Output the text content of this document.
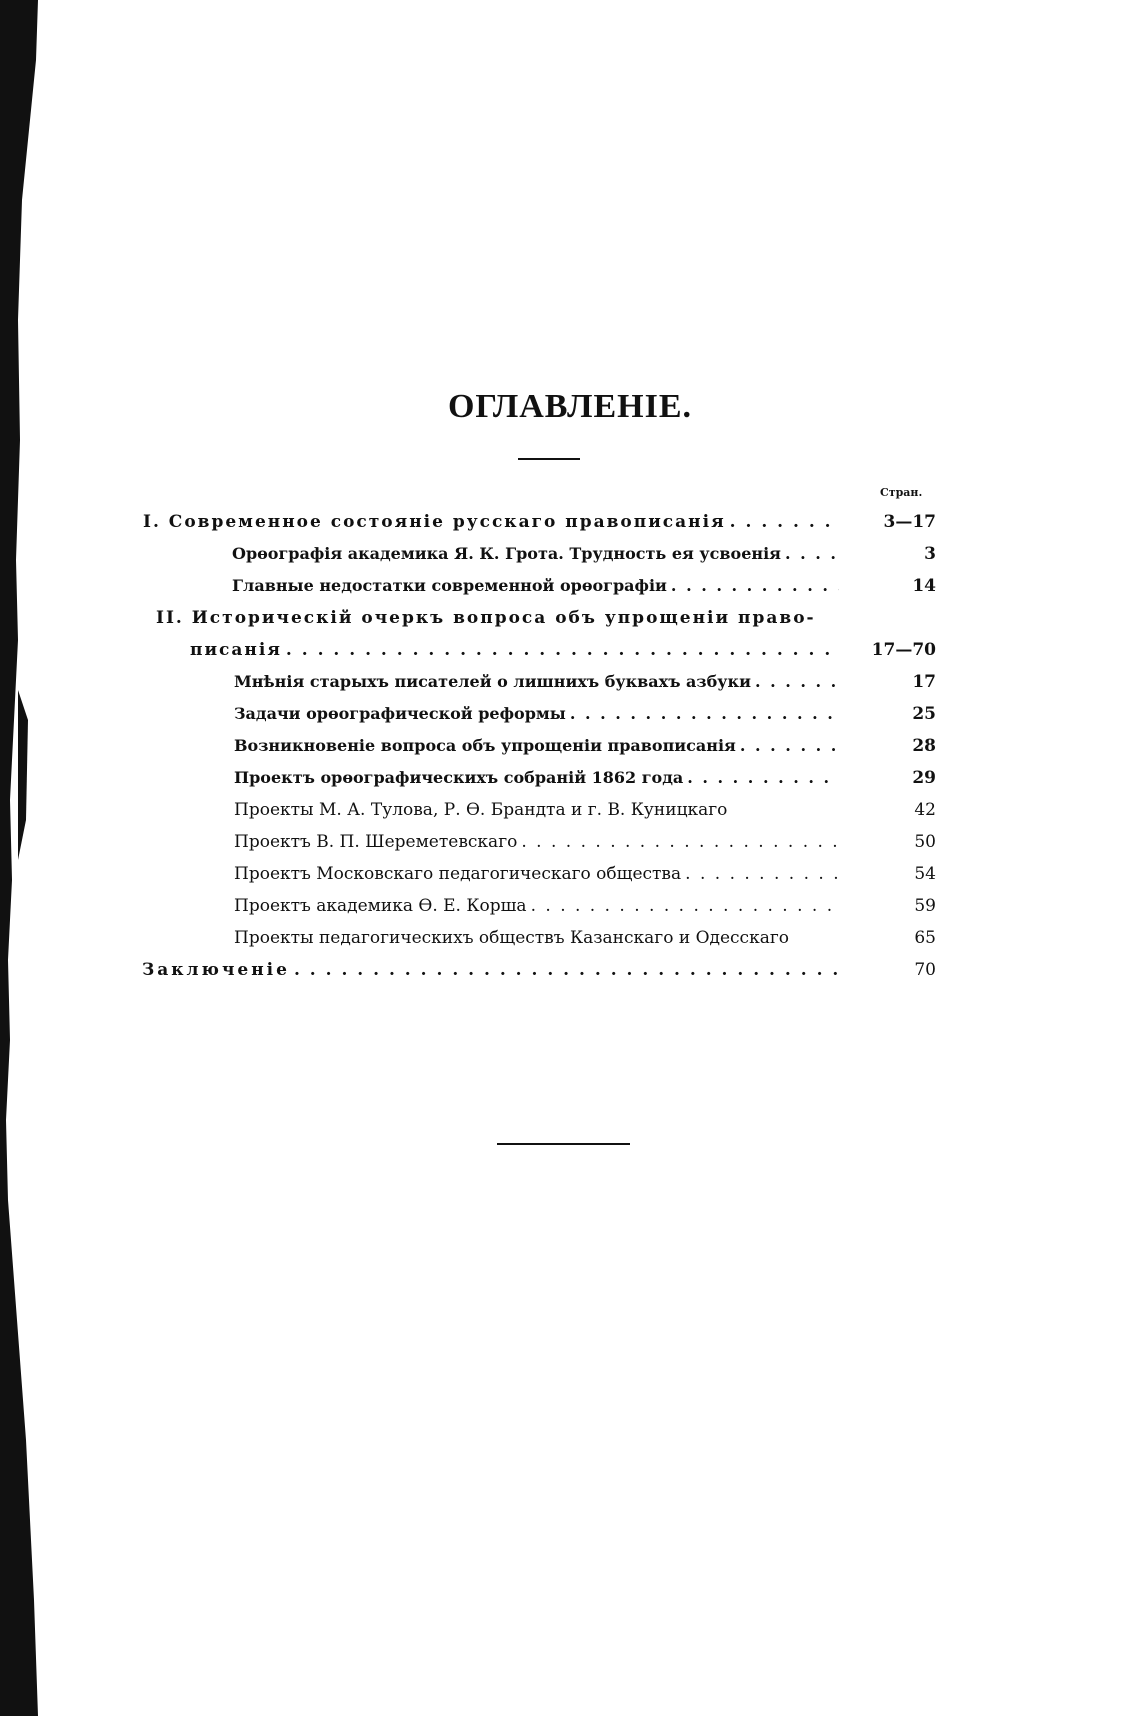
ОГЛАВЛЕНIЕ.
Стран.
I. Современное состоянiе русскаго правописанiя . . .	3—17
Орөографiя академика Я. К. Грота. Трудность ея усвоенiя . . .	3
Главные недостатки современной орөографiи . . .	14
II. Историческiй очеркъ вопроса объ упрощенiи право-
писанiя . . .	17—70
Мнѣнiя старыхъ писателей о лишнихъ буквахъ азбуки . . .	17
Задачи орөографической реформы . . .	25
Возникновенiе вопроса объ упрощенiи правописанiя . . .	28
Проектъ орөографическихъ собранiй 1862 года . . .	29
Проекты М. А. Тулова, Р. Ө. Брандта и г. В. Куницкаго	42
Проектъ В. П. Шереметевскаго . . .	50
Проектъ Московскаго педагогическаго общества . . .	54
Проектъ академика Ө. Е. Корша . . .	59
Проекты педагогическихъ обществъ Казанскаго и Одесскаго	65
Заключенiе . . .	70
